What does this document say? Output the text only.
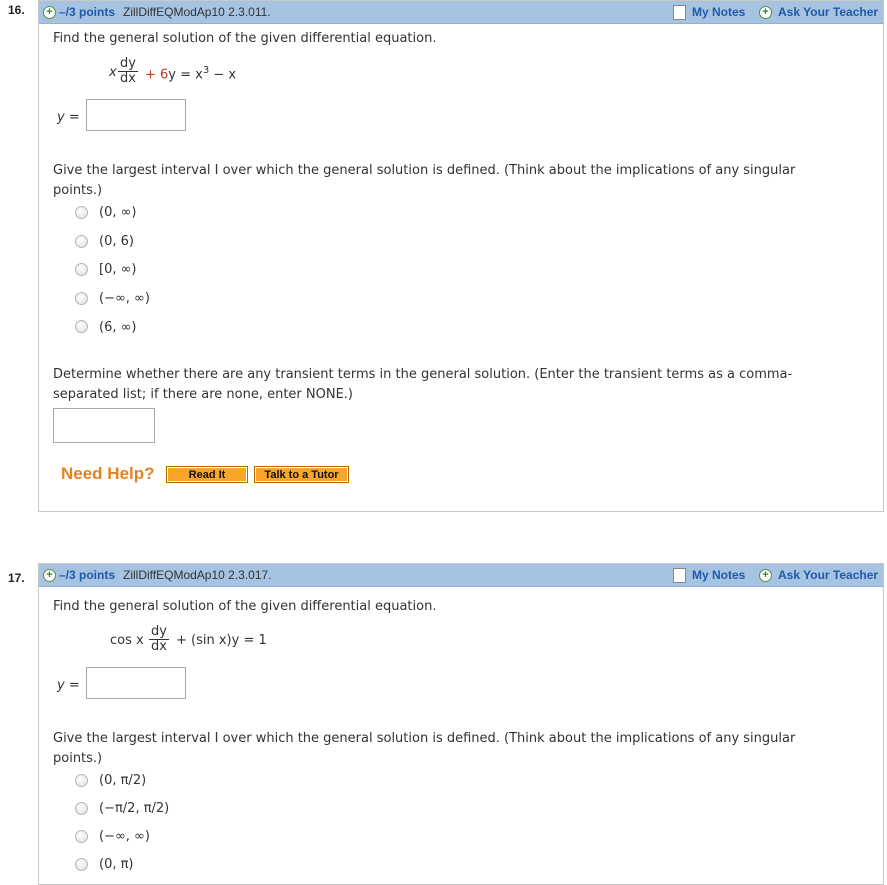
16. + –/3 points ZillDiffEQModAp10 2.3.011.	My Notes + Ask Your Teacher
Find the general solution of the given differential equation.
x $\frac{dy}{dx} + 6y = x^3 - x$
y =
Give the largest interval I over which the general solution is defined. (Think about the implications of any singular
points.)
(0, ∞)
(0, 6)
[0, ∞)
(−∞, ∞)
(6, ∞)
Determine whether there are any transient terms in the general solution. (Enter the transient terms as a comma-
separated list; if there are none, enter NONE.)
Need Help?	Read It	Talk to a Tutor
17. + –/3 points ZillDiffEQModAp10 2.3.017.	My Notes + Ask Your Teacher
Find the general solution of the given differential equation.
cos x $\frac{dy}{dx} + (\sin$ x)y = 1
y =
Give the largest interval I over which the general solution is defined. (Think about the implications of any singular
points.)
(0, π/2)
(−π/2, π/2)
(−∞, ∞)
(0, π)
